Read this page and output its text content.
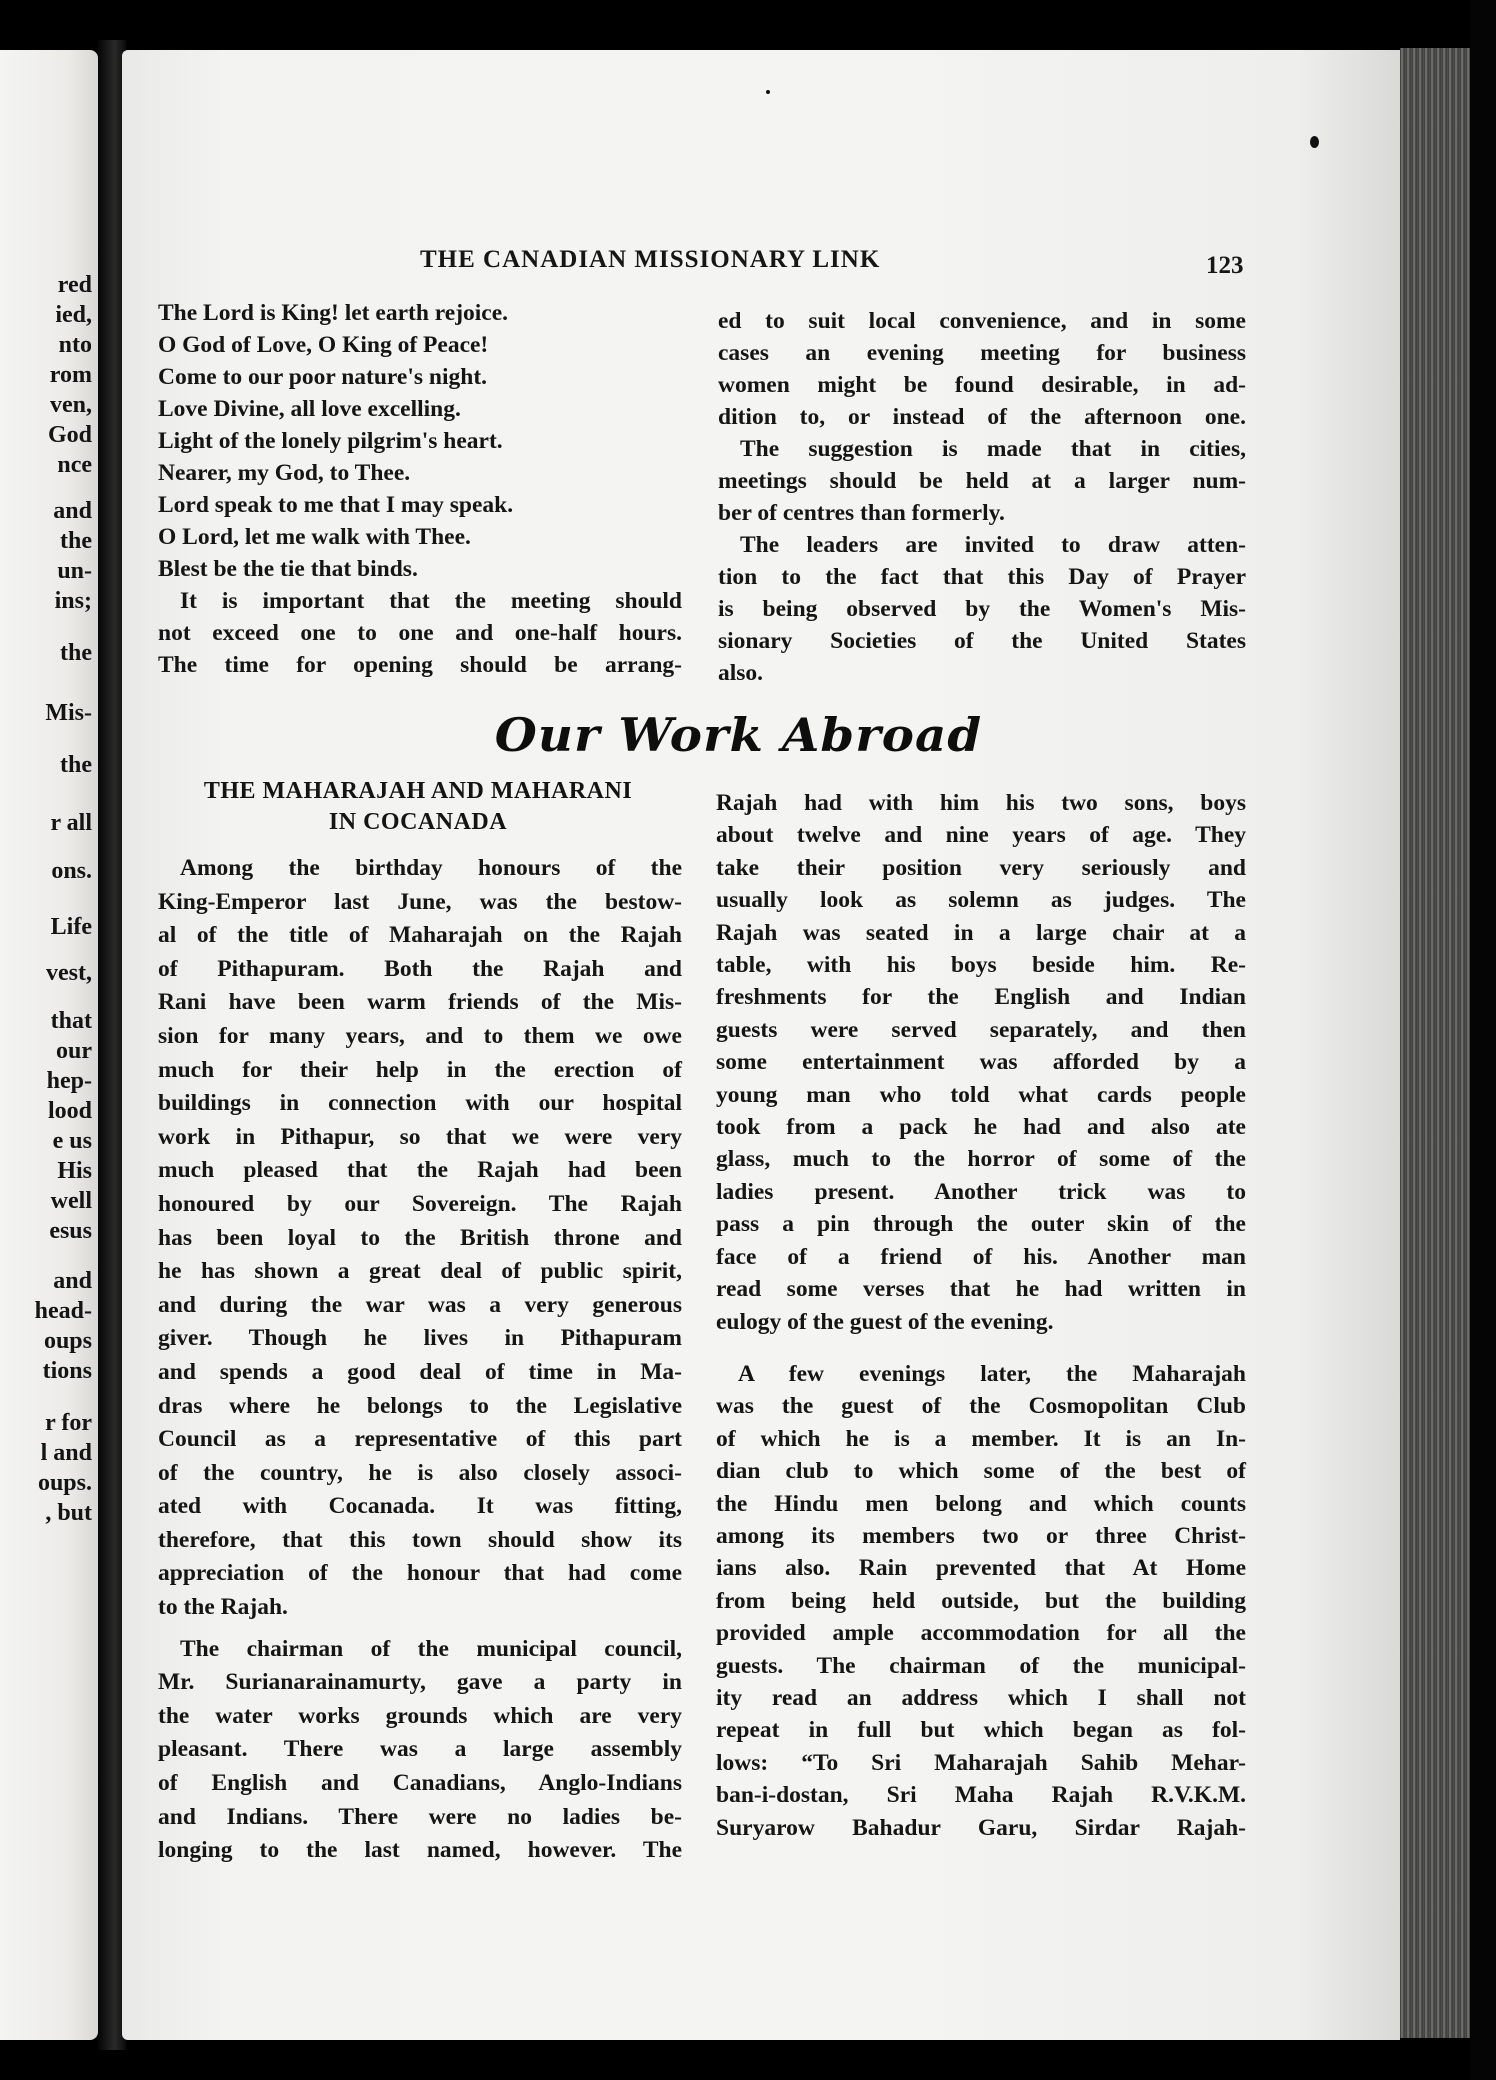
red
ied,
nto
rom
ven,
God
nce
and
the
un-
ins;
the
Mis-
the
r all
ons.
Life
vest,
that
our
hep-
lood
e us
His
well
esus
and
head-
oups
tions
r for
l and
oups.
, but
THE CANADIAN MISSIONARY LINK	123
The Lord is King! let earth rejoice.
O God of Love, O King of Peace!
Come to our poor nature's night.
Love Divine, all love excelling.
Light of the lonely pilgrim's heart.
Nearer, my God, to Thee.
Lord speak to me that I may speak.
O Lord, let me walk with Thee.
Blest be the tie that binds.
It is important that the meeting should
not exceed one to one and one-half hours.
The time for opening should be arrang-
ed to suit local convenience, and in some
cases an evening meeting for business
women might be found desirable, in ad-
dition to, or instead of the afternoon one.
The suggestion is made that in cities,
meetings should be held at a larger num-
ber of centres than formerly.
The leaders are invited to draw atten-
tion to the fact that this Day of Prayer
is being observed by the Women's Mis-
sionary Societies of the United States
also.
Our Work Abroad
THE MAHARAJAH AND MAHARANI
IN COCANADA
Among the birthday honours of the
King-Emperor last June, was the bestow-
al of the title of Maharajah on the Rajah
of Pithapuram. Both the Rajah and
Rani have been warm friends of the Mis-
sion for many years, and to them we owe
much for their help in the erection of
buildings in connection with our hospital
work in Pithapur, so that we were very
much pleased that the Rajah had been
honoured by our Sovereign. The Rajah
has been loyal to the British throne and
he has shown a great deal of public spirit,
and during the war was a very generous
giver. Though he lives in Pithapuram
and spends a good deal of time in Ma-
dras where he belongs to the Legislative
Council as a representative of this part
of the country, he is also closely associ-
ated with Cocanada. It was fitting,
therefore, that this town should show its
appreciation of the honour that had come
to the Rajah.
The chairman of the municipal council,
Mr. Surianarainamurty, gave a party in
the water works grounds which are very
pleasant. There was a large assembly
of English and Canadians, Anglo-Indians
and Indians. There were no ladies be-
longing to the last named, however. The
Rajah had with him his two sons, boys
about twelve and nine years of age. They
take their position very seriously and
usually look as solemn as judges. The
Rajah was seated in a large chair at a
table, with his boys beside him. Re-
freshments for the English and Indian
guests were served separately, and then
some entertainment was afforded by a
young man who told what cards people
took from a pack he had and also ate
glass, much to the horror of some of the
ladies present. Another trick was to
pass a pin through the outer skin of the
face of a friend of his. Another man
read some verses that he had written in
eulogy of the guest of the evening.
A few evenings later, the Maharajah
was the guest of the Cosmopolitan Club
of which he is a member. It is an In-
dian club to which some of the best of
the Hindu men belong and which counts
among its members two or three Christ-
ians also. Rain prevented that At Home
from being held outside, but the building
provided ample accommodation for all the
guests. The chairman of the municipal-
ity read an address which I shall not
repeat in full but which began as fol-
lows: “To Sri Maharajah Sahib Mehar-
ban-i-dostan, Sri Maha Rajah R.V.K.M.
Suryarow Bahadur Garu, Sirdar Rajah-
